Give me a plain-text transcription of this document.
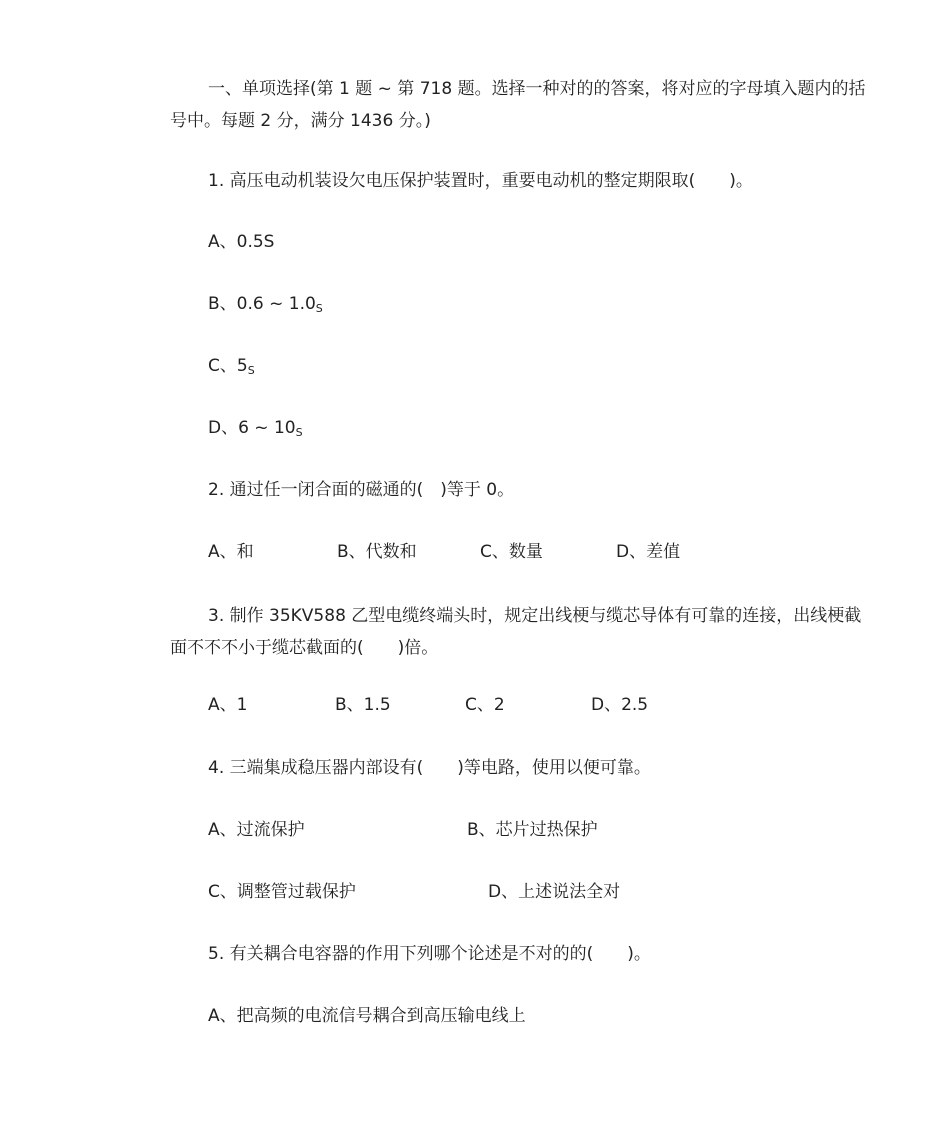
一、单项选择(第 1 题 ~ 第 718 题。选择一种对的的答案，将对应的字母填入题内的括号中。每题 2 分，满分 1436 分。)
1. 高压电动机装设欠电压保护装置时，重要电动机的整定期限取(　　)。
A、0.5S
B、0.6 ~ $1.0_S$
C、$5_S$
D、6 ~ $10_S$
2. 通过任一闭合面的磁通的(　)等于 0。
A、和	B、代数和	C、数量	D、差值
3. 制作 35KV588 乙型电缆终端头时，规定出线梗与缆芯导体有可靠的连接，出线梗截面不不不小于缆芯截面的(　　)倍。
A、1	B、1.5	C、2	D、2.5
4. 三端集成稳压器内部设有(　　)等电路，使用以便可靠。
A、过流保护	B、芯片过热保护
C、调整管过载保护	D、上述说法全对
5. 有关耦合电容器的作用下列哪个论述是不对的的(　　)。
A、把高频的电流信号耦合到高压输电线上
